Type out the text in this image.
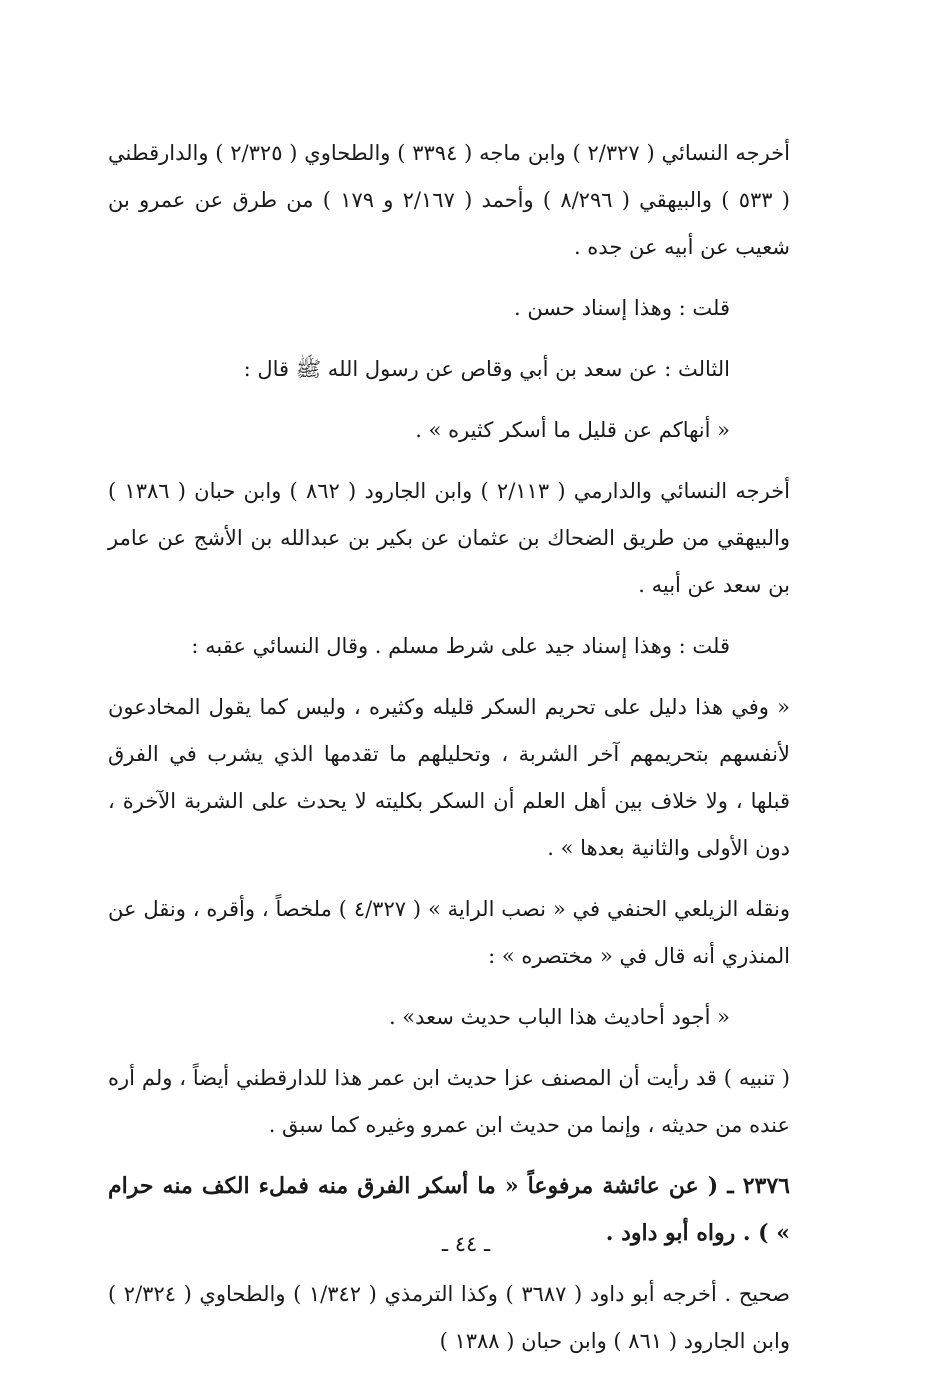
أخرجه النسائي ( ٢/٣٢٧ ) وابن ماجه ( ٣٣٩٤ ) والطحاوي ( ٢/٣٢٥ ) والدارقطني ( ٥٣٣ ) والبيهقي ( ٨/٢٩٦ ) وأحمد ( ٢/١٦٧ و ١٧٩ ) من طرق عن عمرو بن شعيب عن أبيه عن جده .

قلت : وهذا إسناد حسن .

الثالث : عن سعد بن أبي وقاص عن رسول الله ﷺ قال :

« أنهاكم عن قليل ما أسكر كثيره » .

أخرجه النسائي والدارمي ( ٢/١١٣ ) وابن الجارود ( ٨٦٢ ) وابن حبان ( ١٣٨٦ ) والبيهقي من طريق الضحاك بن عثمان عن بكير بن عبدالله بن الأشج عن عامر بن سعد عن أبيه .

قلت : وهذا إسناد جيد على شرط مسلم . وقال النسائي عقبه :

« وفي هذا دليل على تحريم السكر قليله وكثيره ، وليس كما يقول المخادعون لأنفسهم بتحريمهم آخر الشربة ، وتحليلهم ما تقدمها الذي يشرب في الفرق قبلها ، ولا خلاف بين أهل العلم أن السكر بكليته لا يحدث على الشربة الآخرة ، دون الأولى والثانية بعدها » .

ونقله الزيلعي الحنفي في « نصب الراية » ( ٤/٣٢٧ ) ملخصاً ، وأقره ، ونقل عن المنذري أنه قال في « مختصره » :

« أجود أحاديث هذا الباب حديث سعد» .

( تنبيه ) قد رأيت أن المصنف عزا حديث ابن عمر هذا للدارقطني أيضاً ، ولم أره عنده من حديثه ، وإنما من حديث ابن عمرو وغيره كما سبق .

٢٣٧٦ ـ ( عن عائشة مرفوعاً « ما أسكر الفرق منه فملء الكف منه حرام » ) . رواه أبو داود .

صحيح . أخرجه أبو داود ( ٣٦٨٧ ) وكذا الترمذي ( ١/٣٤٢ ) والطحاوي ( ٢/٣٢٤ ) وابن الجارود ( ٨٦١ ) وابن حبان ( ١٣٨٨ )

ـ ٤٤ ـ
